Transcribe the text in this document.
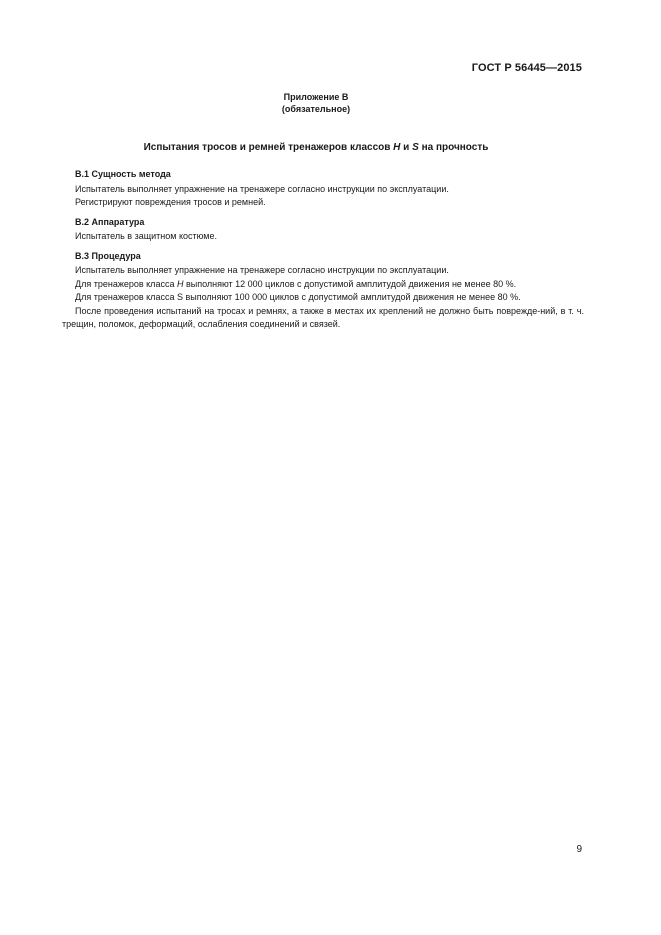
ГОСТ Р 56445—2015
Приложение В
(обязательное)
Испытания тросов и ремней тренажеров классов H и S на прочность

В.1 Сущность метода

Испытатель выполняет упражнение на тренажере согласно инструкции по эксплуатации.

Регистрируют повреждения тросов и ремней.

В.2 Аппаратура

Испытатель в защитном костюме.

В.3 Процедура

Испытатель выполняет упражнение на тренажере согласно инструкции по эксплуатации.

Для тренажеров класса H выполняют 12 000 циклов с допустимой амплитудой движения не менее 80 %.

Для тренажеров класса S выполняют 100 000 циклов с допустимой амплитудой движения не менее 80 %.

После проведения испытаний на тросах и ремнях, а также в местах их креплений не должно быть поврежде-ний, в т. ч. трещин, поломок, деформаций, ослабления соединений и связей.

9
